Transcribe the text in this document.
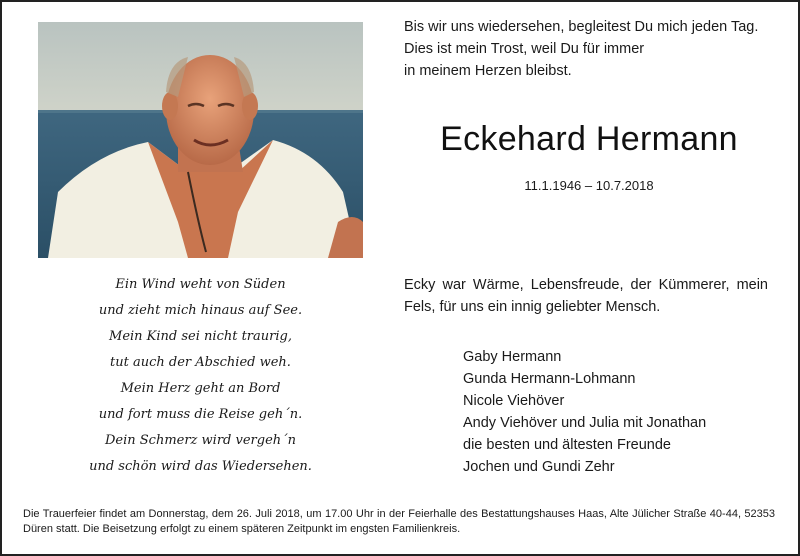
Bis wir uns wiedersehen, begleitest Du mich jeden Tag.
Dies ist mein Trost, weil Du für immer
in meinem Herzen bleibst.
Eckehard Hermann
11.1.1946 – 10.7.2018
Ein Wind weht von Süden
und zieht mich hinaus auf See.
Mein Kind sei nicht traurig,
tut auch der Abschied weh.
Mein Herz geht an Bord
und fort muss die Reise geh´n.
Dein Schmerz wird vergeh´n
und schön wird das Wiedersehen.
Ecky war Wärme, Lebensfreude, der Kümmerer, mein Fels, für uns ein innig geliebter Mensch.
Gaby Hermann
Gunda Hermann-Lohmann
Nicole Viehöver
Andy Viehöver und Julia mit Jonathan
die besten und ältesten Freunde
Jochen und Gundi Zehr
Die Trauerfeier findet am Donnerstag, dem 26. Juli 2018, um 17.00 Uhr in der Feierhalle des Bestattungshauses Haas, Alte Jülicher Straße 40-44, 52353 Düren statt. Die Beisetzung erfolgt zu einem späteren Zeitpunkt im engsten Familienkreis.
